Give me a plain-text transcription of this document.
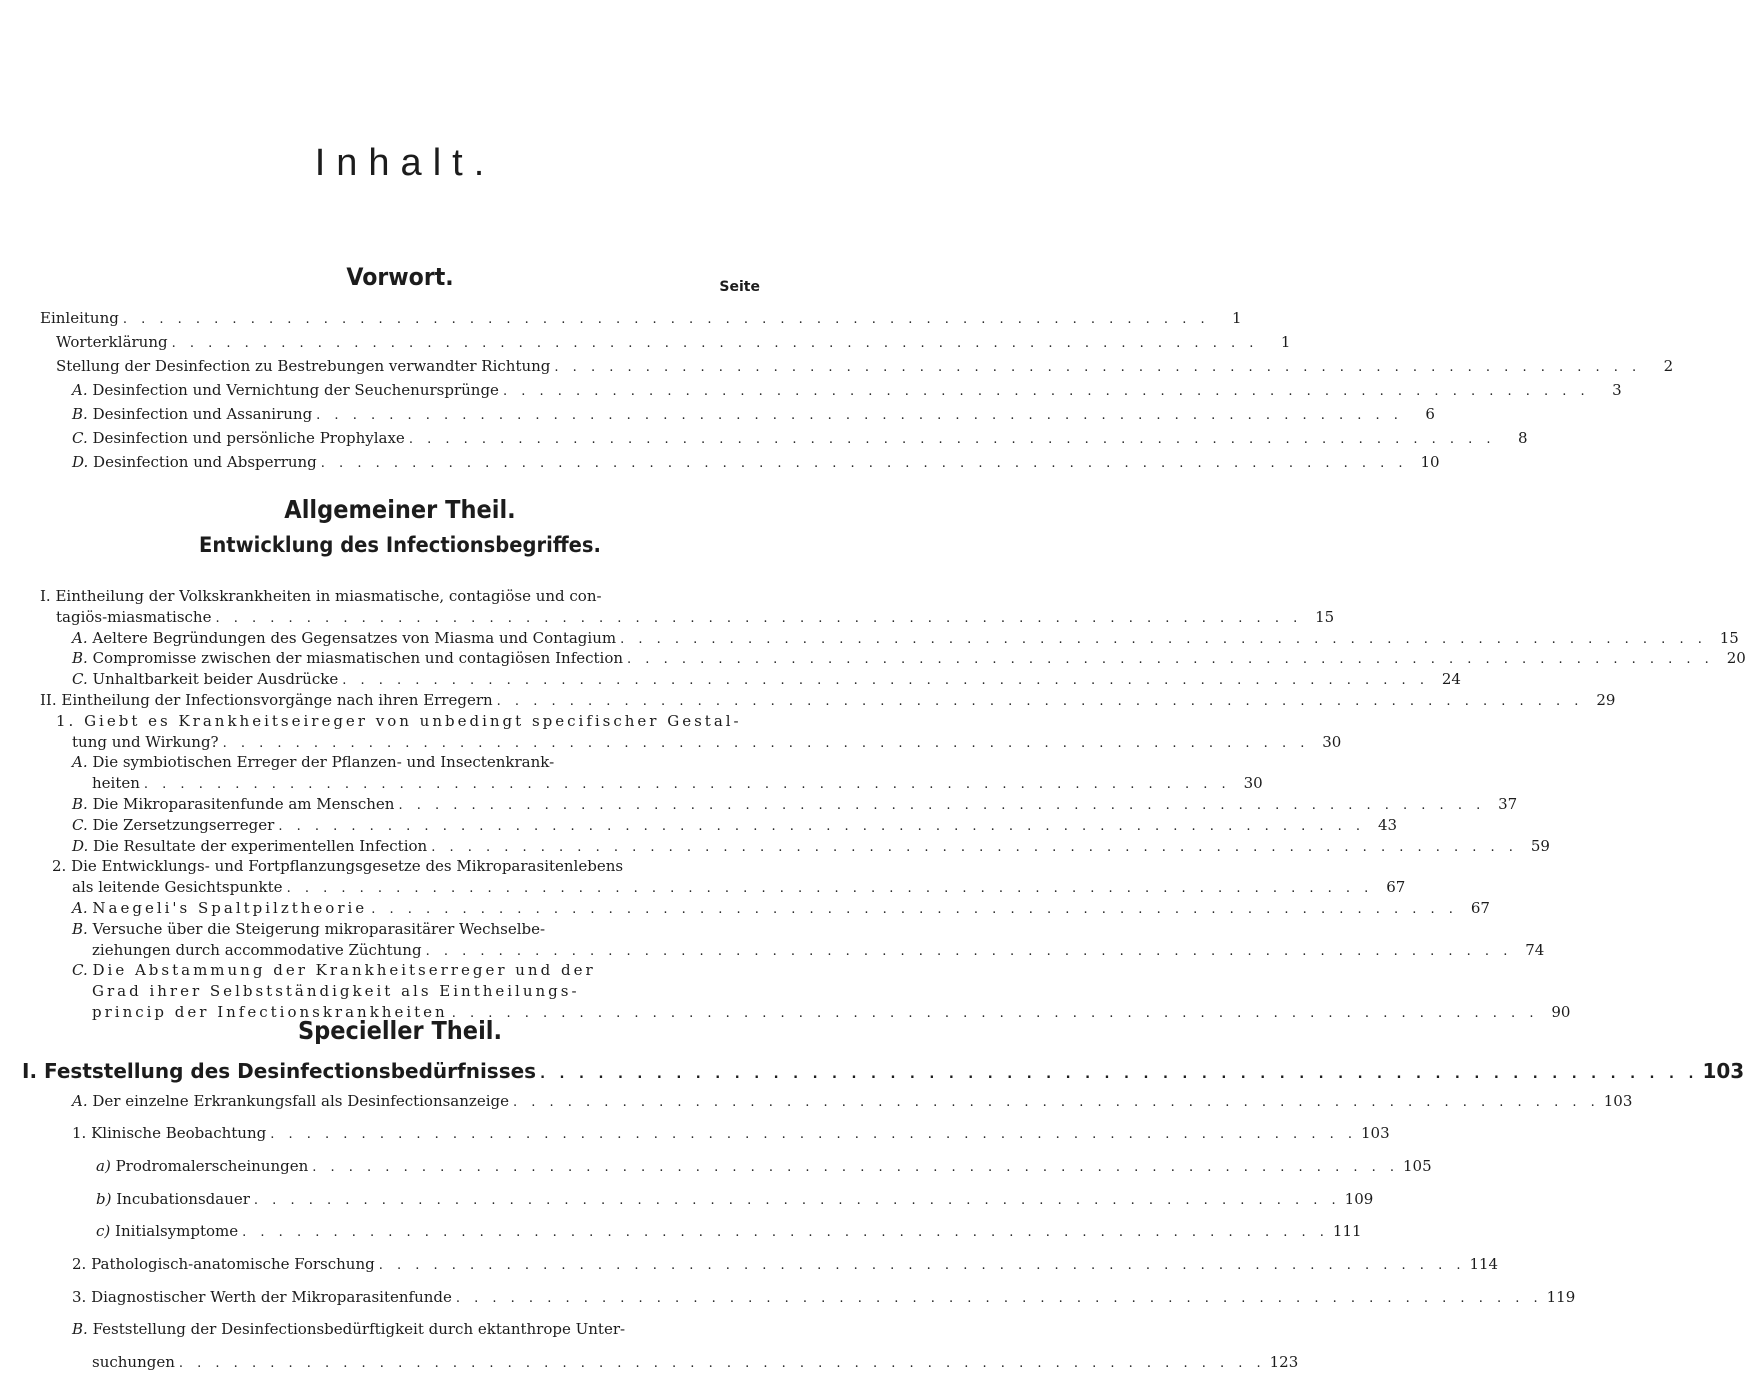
Inhalt.
Vorwort.	Seite
Allgemeiner Theil.
Entwicklung des Infectionsbegriffes.
Specieller Theil.
Einleitung . . . . . . . . . . . . . . . . . . . . . . . . . . . . . . . . . . . . . . . . . . . . . . . . . . . . . . . . . . . .	1
Worterklärung . . . . . . . . . . . . . . . . . . . . . . . . . . . . . . . . . . . . . . . . . . . . . . . . . . . . . . . . . . . .	1
Stellung der Desinfection zu Bestrebungen verwandter Richtung . . . . . . . . . . . . . . . . . . . . . . . . . . . . . . . . . . . . . . . . . . . . . . . . . . . . . . . . . . . .	2
A. Desinfection und Vernichtung der Seuchenursprünge . . . . . . . . . . . . . . . . . . . . . . . . . . . . . . . . . . . . . . . . . . . . . . . . . . . . . . . . . . . .	3
B. Desinfection und Assanirung . . . . . . . . . . . . . . . . . . . . . . . . . . . . . . . . . . . . . . . . . . . . . . . . . . . . . . . . . . . .	6
C. Desinfection und persönliche Prophylaxe . . . . . . . . . . . . . . . . . . . . . . . . . . . . . . . . . . . . . . . . . . . . . . . . . . . . . . . . . . . .	8
D. Desinfection und Absperrung . . . . . . . . . . . . . . . . . . . . . . . . . . . . . . . . . . . . . . . . . . . . . . . . . . . . . . . . . . . . 10
I. Eintheilung der Volkskrankheiten in miasmatische, contagiöse und con-
tagiös-miasmatische . . . . . . . . . . . . . . . . . . . . . . . . . . . . . . . . . . . . . . . . . . . . . . . . . . . . . . . . . . . . 15
A. Aeltere Begründungen des Gegensatzes von Miasma und Contagium . . . . . . . . . . . . . . . . . . . . . . . . . . . . . . . . . . . . . . . . . . . . . . . . . . . . . . . . . . . . 15
B. Compromisse zwischen der miasmatischen und contagiösen Infection . . . . . . . . . . . . . . . . . . . . . . . . . . . . . . . . . . . . . . . . . . . . . . . . . . . . . . . . . . . . 20
C. Unhaltbarkeit beider Ausdrücke . . . . . . . . . . . . . . . . . . . . . . . . . . . . . . . . . . . . . . . . . . . . . . . . . . . . . . . . . . . . 24
II. Eintheilung der Infectionsvorgänge nach ihren Erregern . . . . . . . . . . . . . . . . . . . . . . . . . . . . . . . . . . . . . . . . . . . . . . . . . . . . . . . . . . . . 29
1. Giebt es Krankheitseireger von unbedingt specifischer Gestal-
tung und Wirkung? . . . . . . . . . . . . . . . . . . . . . . . . . . . . . . . . . . . . . . . . . . . . . . . . . . . . . . . . . . . . 30
A. Die symbiotischen Erreger der Pflanzen- und Insectenkrank-
heiten . . . . . . . . . . . . . . . . . . . . . . . . . . . . . . . . . . . . . . . . . . . . . . . . . . . . . . . . . . . . 30
B. Die Mikroparasitenfunde am Menschen . . . . . . . . . . . . . . . . . . . . . . . . . . . . . . . . . . . . . . . . . . . . . . . . . . . . . . . . . . . . 37
C. Die Zersetzungserreger . . . . . . . . . . . . . . . . . . . . . . . . . . . . . . . . . . . . . . . . . . . . . . . . . . . . . . . . . . . . 43
D. Die Resultate der experimentellen Infection . . . . . . . . . . . . . . . . . . . . . . . . . . . . . . . . . . . . . . . . . . . . . . . . . . . . . . . . . . . . 59
2. Die Entwicklungs- und Fortpflanzungsgesetze des Mikroparasitenlebens
als leitende Gesichtspunkte . . . . . . . . . . . . . . . . . . . . . . . . . . . . . . . . . . . . . . . . . . . . . . . . . . . . . . . . . . . . 67
A. Naegeli's Spaltpilztheorie . . . . . . . . . . . . . . . . . . . . . . . . . . . . . . . . . . . . . . . . . . . . . . . . . . . . . . . . . . . . 67
B. Versuche über die Steigerung mikroparasitärer Wechselbe-
ziehungen durch accommodative Züchtung . . . . . . . . . . . . . . . . . . . . . . . . . . . . . . . . . . . . . . . . . . . . . . . . . . . . . . . . . . . . 74
C. Die Abstammung der Krankheitserreger und der
Grad ihrer Selbstständigkeit als Eintheilungs-
princip der Infectionskrankheiten . . . . . . . . . . . . . . . . . . . . . . . . . . . . . . . . . . . . . . . . . . . . . . . . . . . . . . . . . . . . 90
I. Feststellung des Desinfectionsbedürfnisses . . . . . . . . . . . . . . . . . . . . . . . . . . . . . . . . . . . . . . . . . . . . . . . . . . . . . . . . . . . . 103
A. Der einzelne Erkrankungsfall als Desinfectionsanzeige . . . . . . . . . . . . . . . . . . . . . . . . . . . . . . . . . . . . . . . . . . . . . . . . . . . . . . . . . . . . 103
1. Klinische Beobachtung . . . . . . . . . . . . . . . . . . . . . . . . . . . . . . . . . . . . . . . . . . . . . . . . . . . . . . . . . . . . 103
a) Prodromalerscheinungen . . . . . . . . . . . . . . . . . . . . . . . . . . . . . . . . . . . . . . . . . . . . . . . . . . . . . . . . . . . . 105
b) Incubationsdauer . . . . . . . . . . . . . . . . . . . . . . . . . . . . . . . . . . . . . . . . . . . . . . . . . . . . . . . . . . . . 109
c) Initialsymptome . . . . . . . . . . . . . . . . . . . . . . . . . . . . . . . . . . . . . . . . . . . . . . . . . . . . . . . . . . . . 111
2. Pathologisch-anatomische Forschung . . . . . . . . . . . . . . . . . . . . . . . . . . . . . . . . . . . . . . . . . . . . . . . . . . . . . . . . . . . . 114
3. Diagnostischer Werth der Mikroparasitenfunde . . . . . . . . . . . . . . . . . . . . . . . . . . . . . . . . . . . . . . . . . . . . . . . . . . . . . . . . . . . . 119
B. Feststellung der Desinfectionsbedürftigkeit durch ektanthrope Unter-
suchungen . . . . . . . . . . . . . . . . . . . . . . . . . . . . . . . . . . . . . . . . . . . . . . . . . . . . . . . . . . . . 123
